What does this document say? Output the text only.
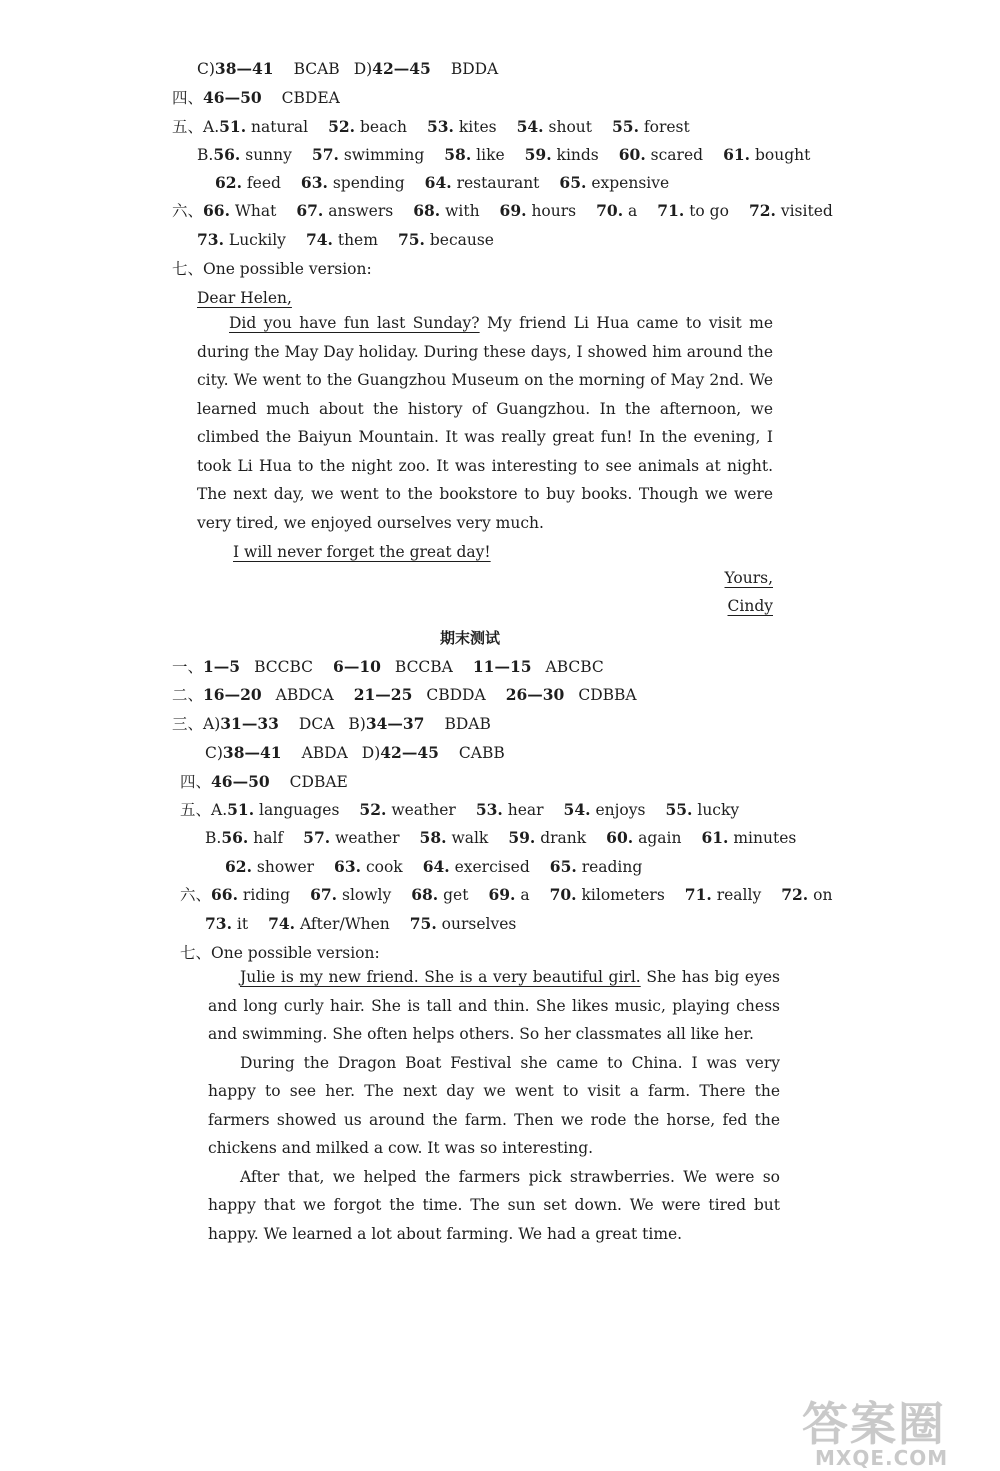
C)38—41 BCAB D)42—45 BDDA
四、46—50 CBDEA
五、A.51. natural 52. beach 53. kites 54. shout 55. forest
B.56. sunny 57. swimming 58. like 59. kinds 60. scared 61. bought
62. feed 63. spending 64. restaurant 65. expensive
六、66. What 67. answers 68. with 69. hours 70. a 71. to go 72. visited
73. Luckily 74. them 75. because
七、One possible version:
Dear Helen,

Did you have fun last Sunday? My friend Li Hua came to visit me during the May Day holiday. During these days, I showed him around the city. We went to the Guangzhou Museum on the morning of May 2nd. We learned much about the history of Guangzhou. In the afternoon, we climbed the Baiyun Mountain. It was really great fun! In the evening, I took Li Hua to the night zoo. It was interesting to see animals at night. The next day, we went to the bookstore to buy books. Though we were very tired, we enjoyed ourselves very much.

I will never forget the great day!
Yours,
Cindy
期末测试
一、1—5 BCCBC 6—10 BCCBA 11—15 ABCBC
二、16—20 ABDCA 21—25 CBDDA 26—30 CDBBA
三、A)31—33 DCA B)34—37 BDAB
C)38—41 ABDA D)42—45 CABB
四、46—50 CDBAE
五、A.51. languages 52. weather 53. hear 54. enjoys 55. lucky
B.56. half 57. weather 58. walk 59. drank 60. again 61. minutes
62. shower 63. cook 64. exercised 65. reading
六、66. riding 67. slowly 68. get 69. a 70. kilometers 71. really 72. on
73. it 74. After/When 75. ourselves
七、One possible version:

Julie is my new friend. She is a very beautiful girl. She has big eyes and long curly hair. She is tall and thin. She likes music, playing chess and swimming. She often helps others. So her classmates all like her.

During the Dragon Boat Festival she came to China. I was very happy to see her. The next day we went to visit a farm. There the farmers showed us around the farm. Then we rode the horse, fed the chickens and milked a cow. It was so interesting.

After that, we helped the farmers pick strawberries. We were so happy that we forgot the time. The sun set down. We were tired but happy. We learned a lot about farming. We had a great time.

答案圈
MXQE.COM
